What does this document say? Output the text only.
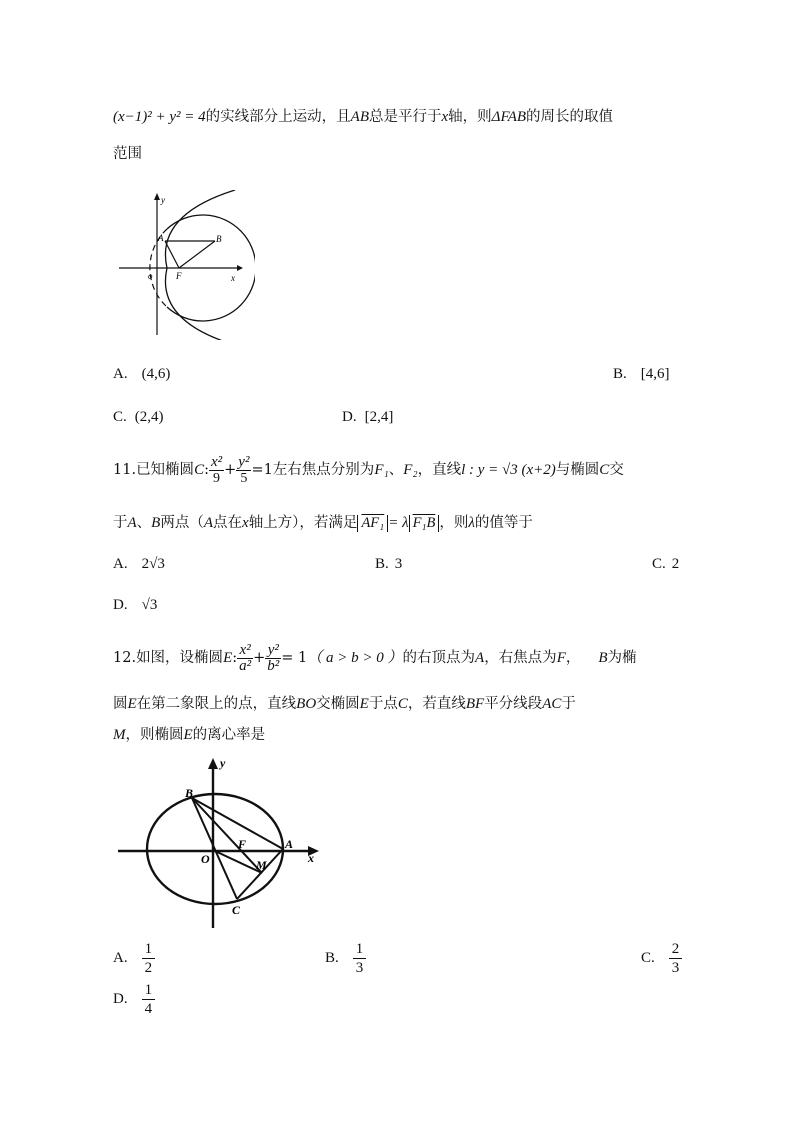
(x−1)² + y² = 4的实线部分上运动，且AB总是平行于x轴，则ΔFAB的周长的取值
范围
y
x
o	F
A	B
A. (4,6)	B. [4,6]
C. (2,4)	D. [2,4]
11.已知椭圆C: $\frac{\text{x²}}{9} + \frac{\text{y²}}{5} =1$左右焦点分别为F₁、F₂，直线l : y = √3 (x+2)与椭圆C交
于A、B两点（A点在x轴上方），若满足 AF₁ = λ F₁B ，则λ的值等于
A. 2√3	B. 3	C. 2
D. √3
12.如图，设椭圆E: $\frac{\text{x²}}{\text{a²}} + \frac{\text{y²}}{\text{b²}} = 1$（ a > b > 0 ）的右顶点为A，右焦点为F， B为椭
圆E在第二象限上的点，直线BO交椭圆E于点C，若直线BF平分线段AC于
M，则椭圆E的离心率是
y
x
O
F	A
B
C
M
A. $\frac{1}{2}$	B. $\frac{1}{3}$	C. $\frac{2}{3}$
D. $\frac{1}{4}$
